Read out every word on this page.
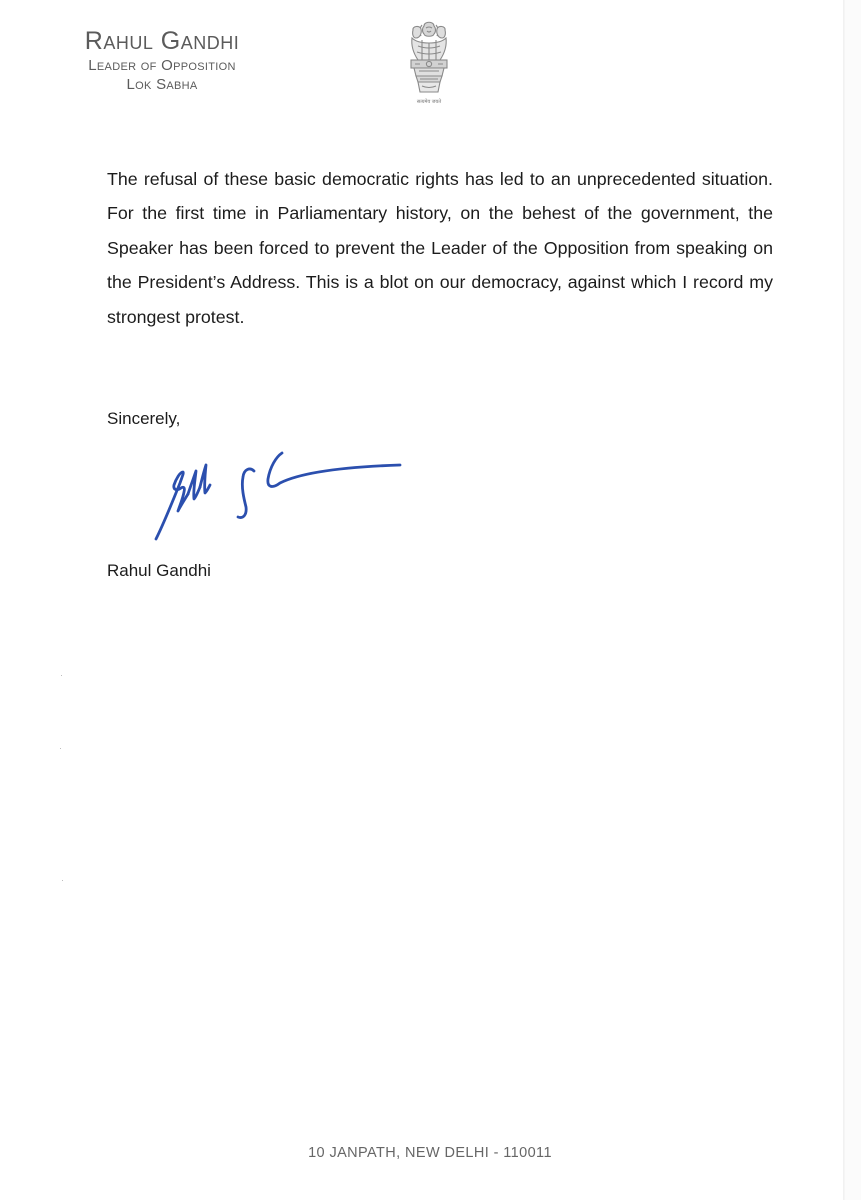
Rahul Gandhi
Leader of Opposition
Lok Sabha
सत्यमेव जयते
The refusal of these basic democratic rights has led to an unprecedented situation. For the first time in Parliamentary history, on the behest of the government, the Speaker has been forced to prevent the Leader of the Opposition from speaking on the President’s Address. This is a blot on our democracy, against which I record my strongest protest.
Sincerely,
Rahul Gandhi
10 JANPATH, NEW DELHI - 110011
